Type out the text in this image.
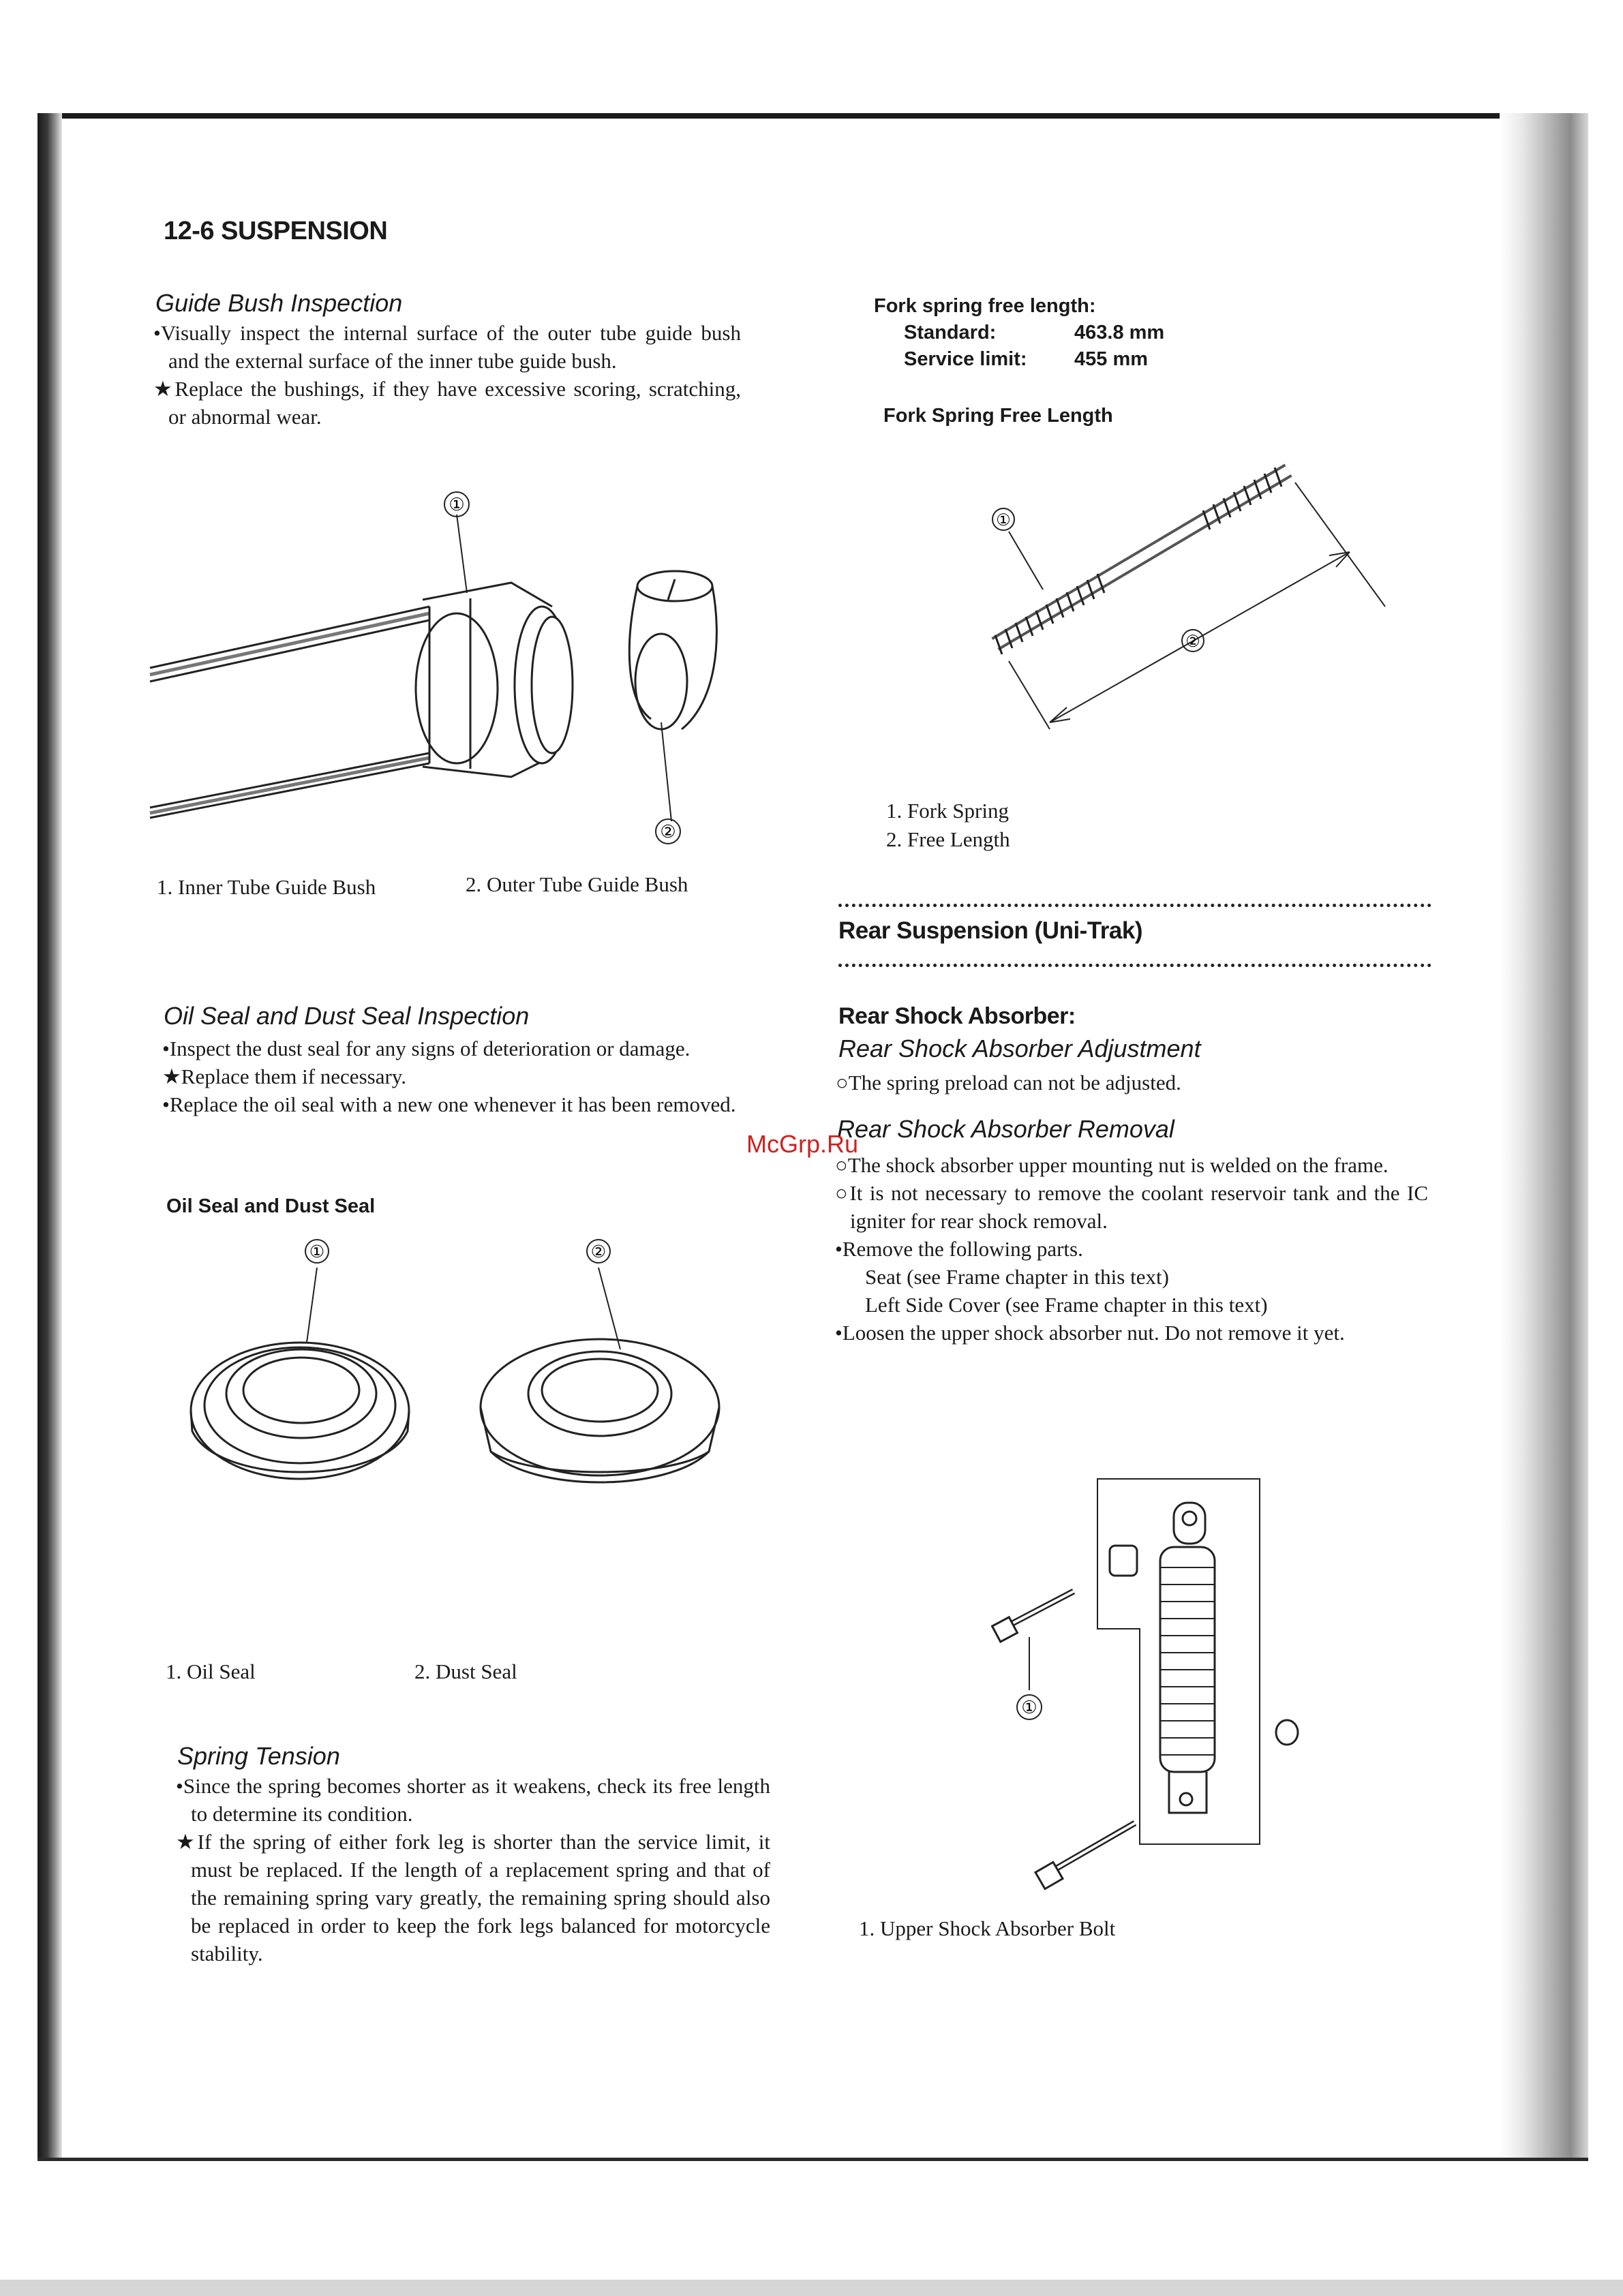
12-6 SUSPENSION
Guide Bush Inspection

•Visually inspect the internal surface of the outer tube guide bush and the external surface of the inner tube guide bush.

★Replace the bushings, if they have excessive scoring, scratching, or abnormal wear.

①
②
1. Inner Tube Guide Bush	2. Outer Tube Guide Bush
Oil Seal and Dust Seal Inspection

•Inspect the dust seal for any signs of deterioration or damage.

★Replace them if necessary.

•Replace the oil seal with a new one whenever it has been removed.

Oil Seal and Dust Seal
①	②
1. Oil Seal	2. Dust Seal
Spring Tension

•Since the spring becomes shorter as it weakens, check its free length to determine its condition.

★If the spring of either fork leg is shorter than the service limit, it must be replaced. If the length of a replacement spring and that of the remaining spring vary greatly, the remaining spring should also be replaced in order to keep the fork legs balanced for motorcycle stability.

Fork spring free length:	
Standard:	463.8 mm
Service limit:	455 mm
Fork Spring Free Length
①
②
1. Fork Spring
2. Free Length
Rear Suspension (Uni-Trak)
Rear Shock Absorber:
Rear Shock Absorber Adjustment

○The spring preload can not be adjusted.

Rear Shock Absorber Removal

○The shock absorber upper mounting nut is welded on the frame.

○It is not necessary to remove the coolant reservoir tank and the IC igniter for rear shock removal.

•Remove the following parts.

Seat (see Frame chapter in this text)

Left Side Cover (see Frame chapter in this text)

•Loosen the upper shock absorber nut. Do not remove it yet.

①
1. Upper Shock Absorber Bolt
McGrp.Ru
